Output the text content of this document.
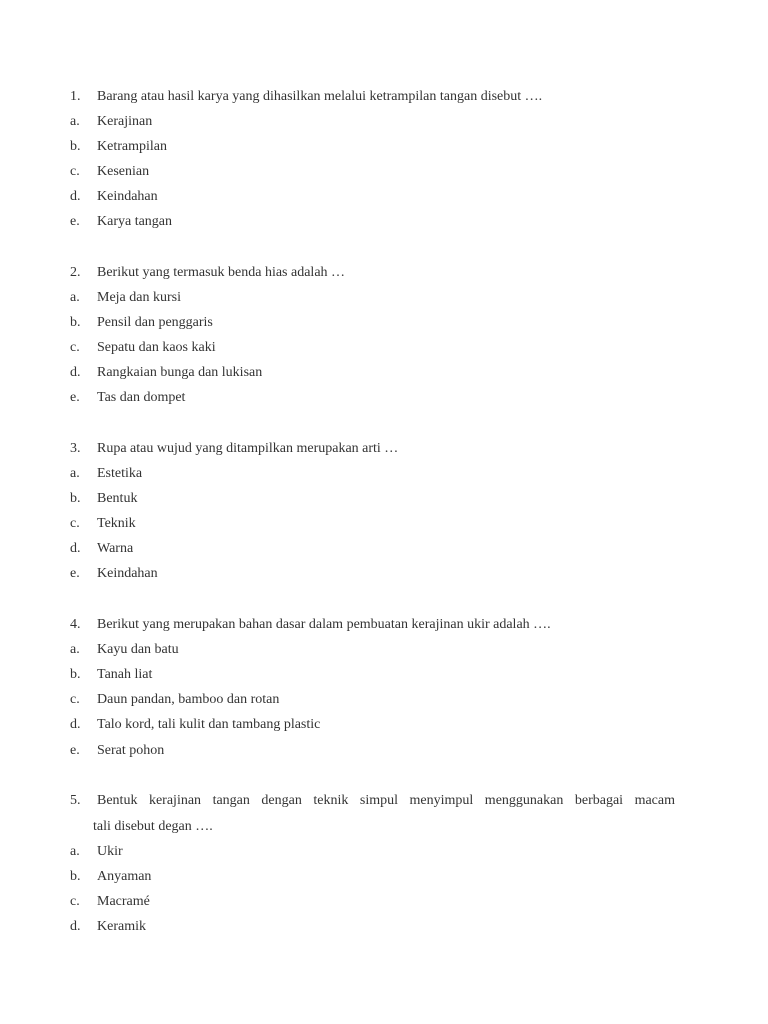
1. Barang atau hasil karya yang dihasilkan melalui ketrampilan tangan disebut ….
a. Kerajinan
b. Ketrampilan
c. Kesenian
d. Keindahan
e. Karya tangan
2. Berikut yang termasuk benda hias adalah …
a. Meja dan kursi
b. Pensil dan penggaris
c. Sepatu dan kaos kaki
d. Rangkaian bunga dan lukisan
e. Tas dan dompet
3. Rupa atau wujud yang ditampilkan merupakan arti …
a. Estetika
b. Bentuk
c. Teknik
d. Warna
e. Keindahan
4. Berikut yang merupakan bahan dasar dalam pembuatan kerajinan ukir adalah ….
a. Kayu dan batu
b. Tanah liat
c. Daun pandan, bamboo dan rotan
d. Talo kord, tali kulit dan tambang plastic
e. Serat pohon
5. Bentuk kerajinan tangan dengan teknik simpul menyimpul menggunakan berbagai macam
tali disebut degan ….
a. Ukir
b. Anyaman
c. Macramé
d. Keramik
